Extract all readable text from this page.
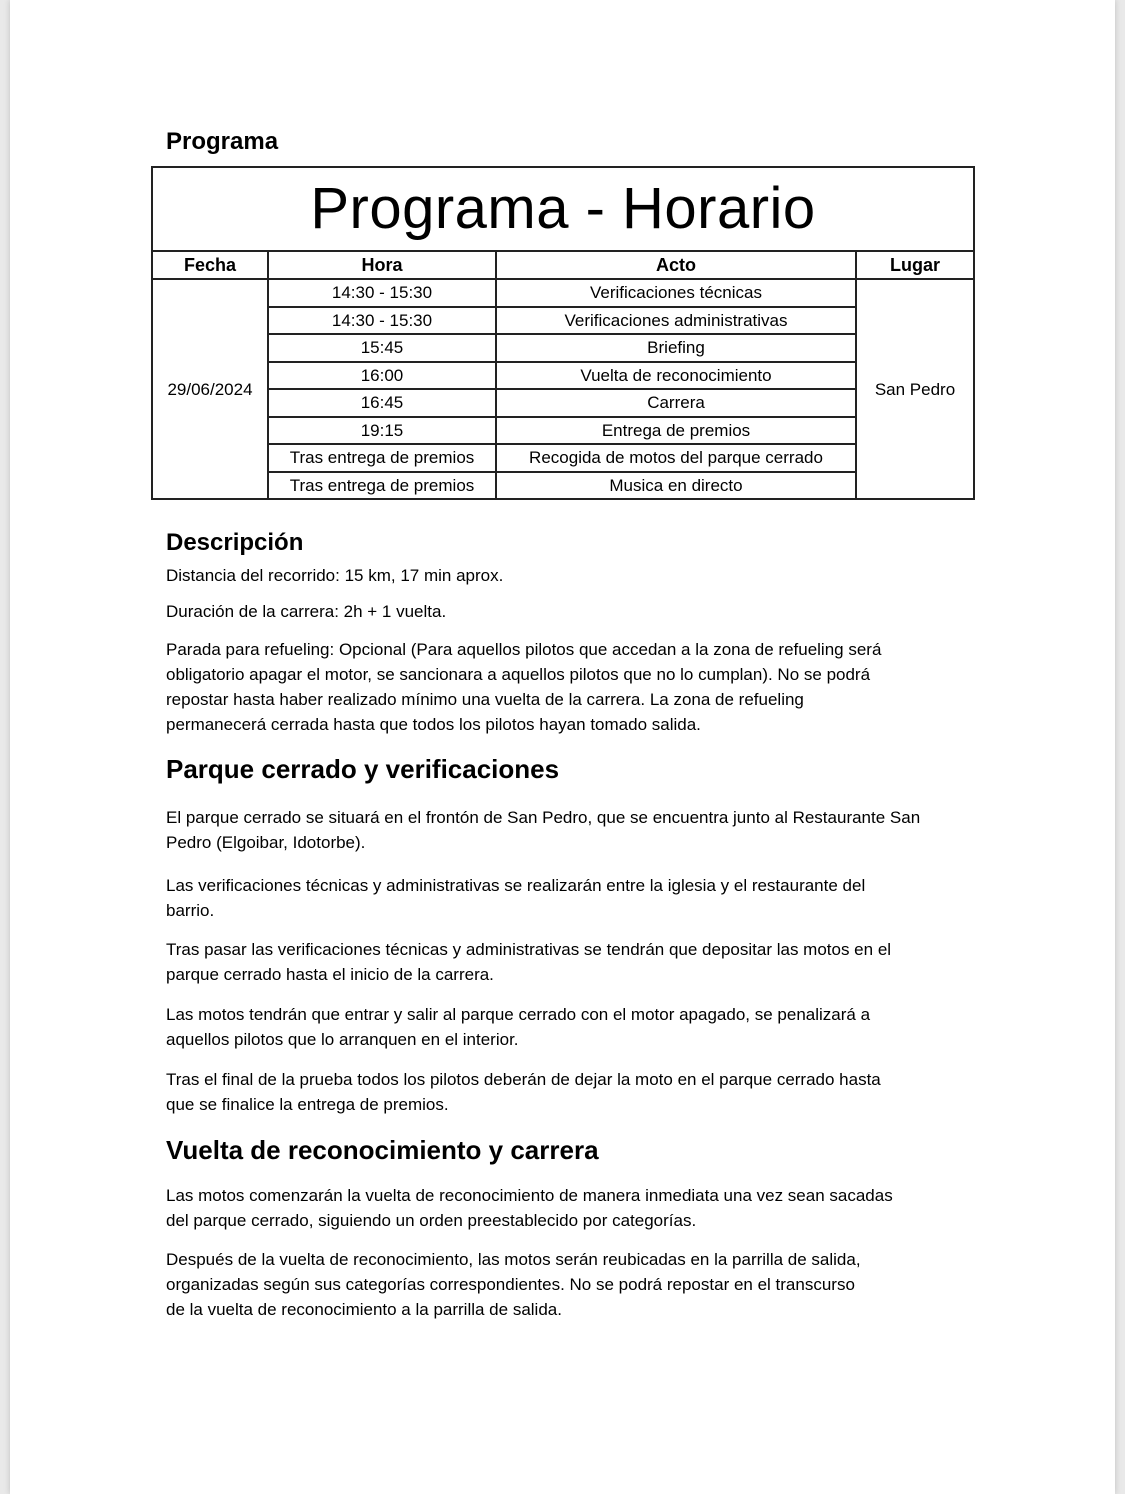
Programa
Programa - Horario			
Fecha	Hora	Acto	Lugar
29/06/2024	14:30 - 15:30	Verificaciones técnicas	San Pedro
	14:30 - 15:30	Verificaciones administrativas	
	15:45	Briefing	
	16:00	Vuelta de reconocimiento	
	16:45	Carrera	
	19:15	Entrega de premios	
	Tras entrega de premios	Recogida de motos del parque cerrado	
	Tras entrega de premios	Musica en directo	
Descripción

Distancia del recorrido: 15 km, 17 min aprox.

Duración de la carrera: 2h + 1 vuelta.

Parada para refueling: Opcional (Para aquellos pilotos que accedan a la zona de refueling será
obligatorio apagar el motor, se sancionara a aquellos pilotos que no lo cumplan). No se podrá
repostar hasta haber realizado mínimo una vuelta de la carrera. La zona de refueling
permanecerá cerrada hasta que todos los pilotos hayan tomado salida.

Parque cerrado y verificaciones

El parque cerrado se situará en el frontón de San Pedro, que se encuentra junto al Restaurante San
Pedro (Elgoibar, Idotorbe).

Las verificaciones técnicas y administrativas se realizarán entre la iglesia y el restaurante del
barrio.

Tras pasar las verificaciones técnicas y administrativas se tendrán que depositar las motos en el
parque cerrado hasta el inicio de la carrera.

Las motos tendrán que entrar y salir al parque cerrado con el motor apagado, se penalizará a
aquellos pilotos que lo arranquen en el interior.

Tras el final de la prueba todos los pilotos deberán de dejar la moto en el parque cerrado hasta
que se finalice la entrega de premios.

Vuelta de reconocimiento y carrera

Las motos comenzarán la vuelta de reconocimiento de manera inmediata una vez sean sacadas
del parque cerrado, siguiendo un orden preestablecido por categorías.

Después de la vuelta de reconocimiento, las motos serán reubicadas en la parrilla de salida,
organizadas según sus categorías correspondientes. No se podrá repostar en el transcurso
de la vuelta de reconocimiento a la parrilla de salida.
